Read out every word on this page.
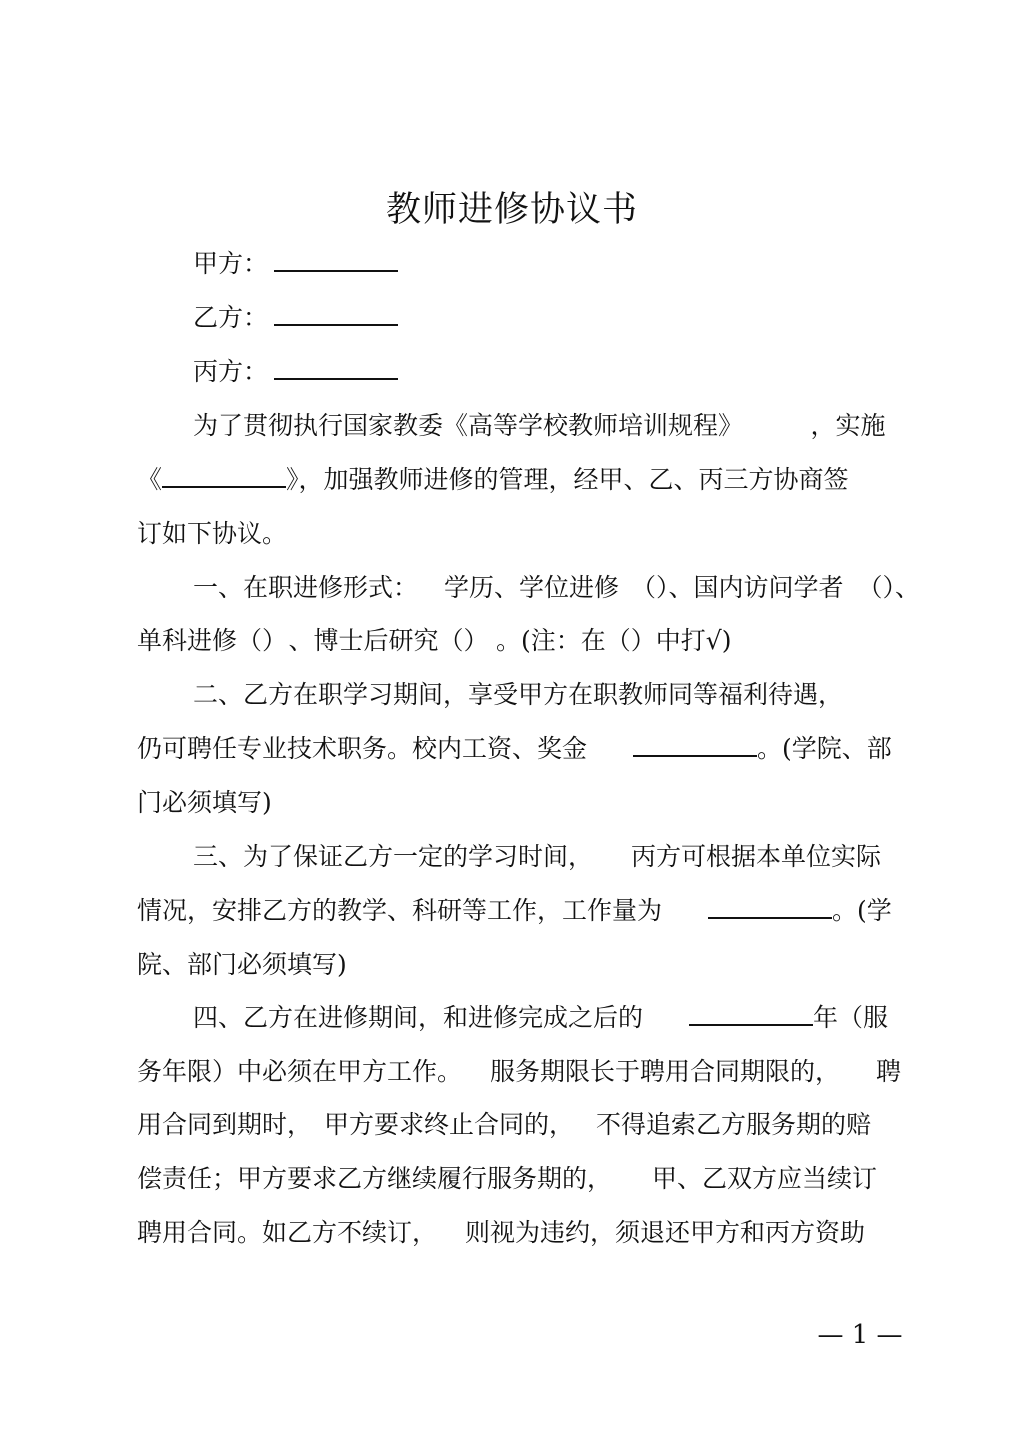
教师进修协议书
甲方：
乙方：
丙方：
为了贯彻执行国家教委《高等学校教师培训规程》	，实施
《	》，加强教师进修的管理，经甲、乙、丙三方协商签
订如下协议。
一、在职进修形式： 学历、学位进修 （）、国内访问学者 （）、
单科进修（） 、博士后研究（） 。(注：在（）中打√)
二、乙方在职学习期间，享受甲方在职教师同等福利待遇，
仍可聘任专业技术职务。校内工资、奖金	。(学院、部
门必须填写)
三、为了保证乙方一定的学习时间， 丙方可根据本单位实际
情况，安排乙方的教学、科研等工作，工作量为	。(学
院、部门必须填写)
四、乙方在进修期间，和进修完成之后的	年（服
务年限）中必须在甲方工作。 服务期限长于聘用合同期限的， 聘
用合同到期时， 甲方要求终止合同的， 不得追索乙方服务期的赔
偿责任；甲方要求乙方继续履行服务期的， 甲、乙双方应当续订
聘用合同。如乙方不续订， 则视为违约，须退还甲方和丙方资助
— 1 —
